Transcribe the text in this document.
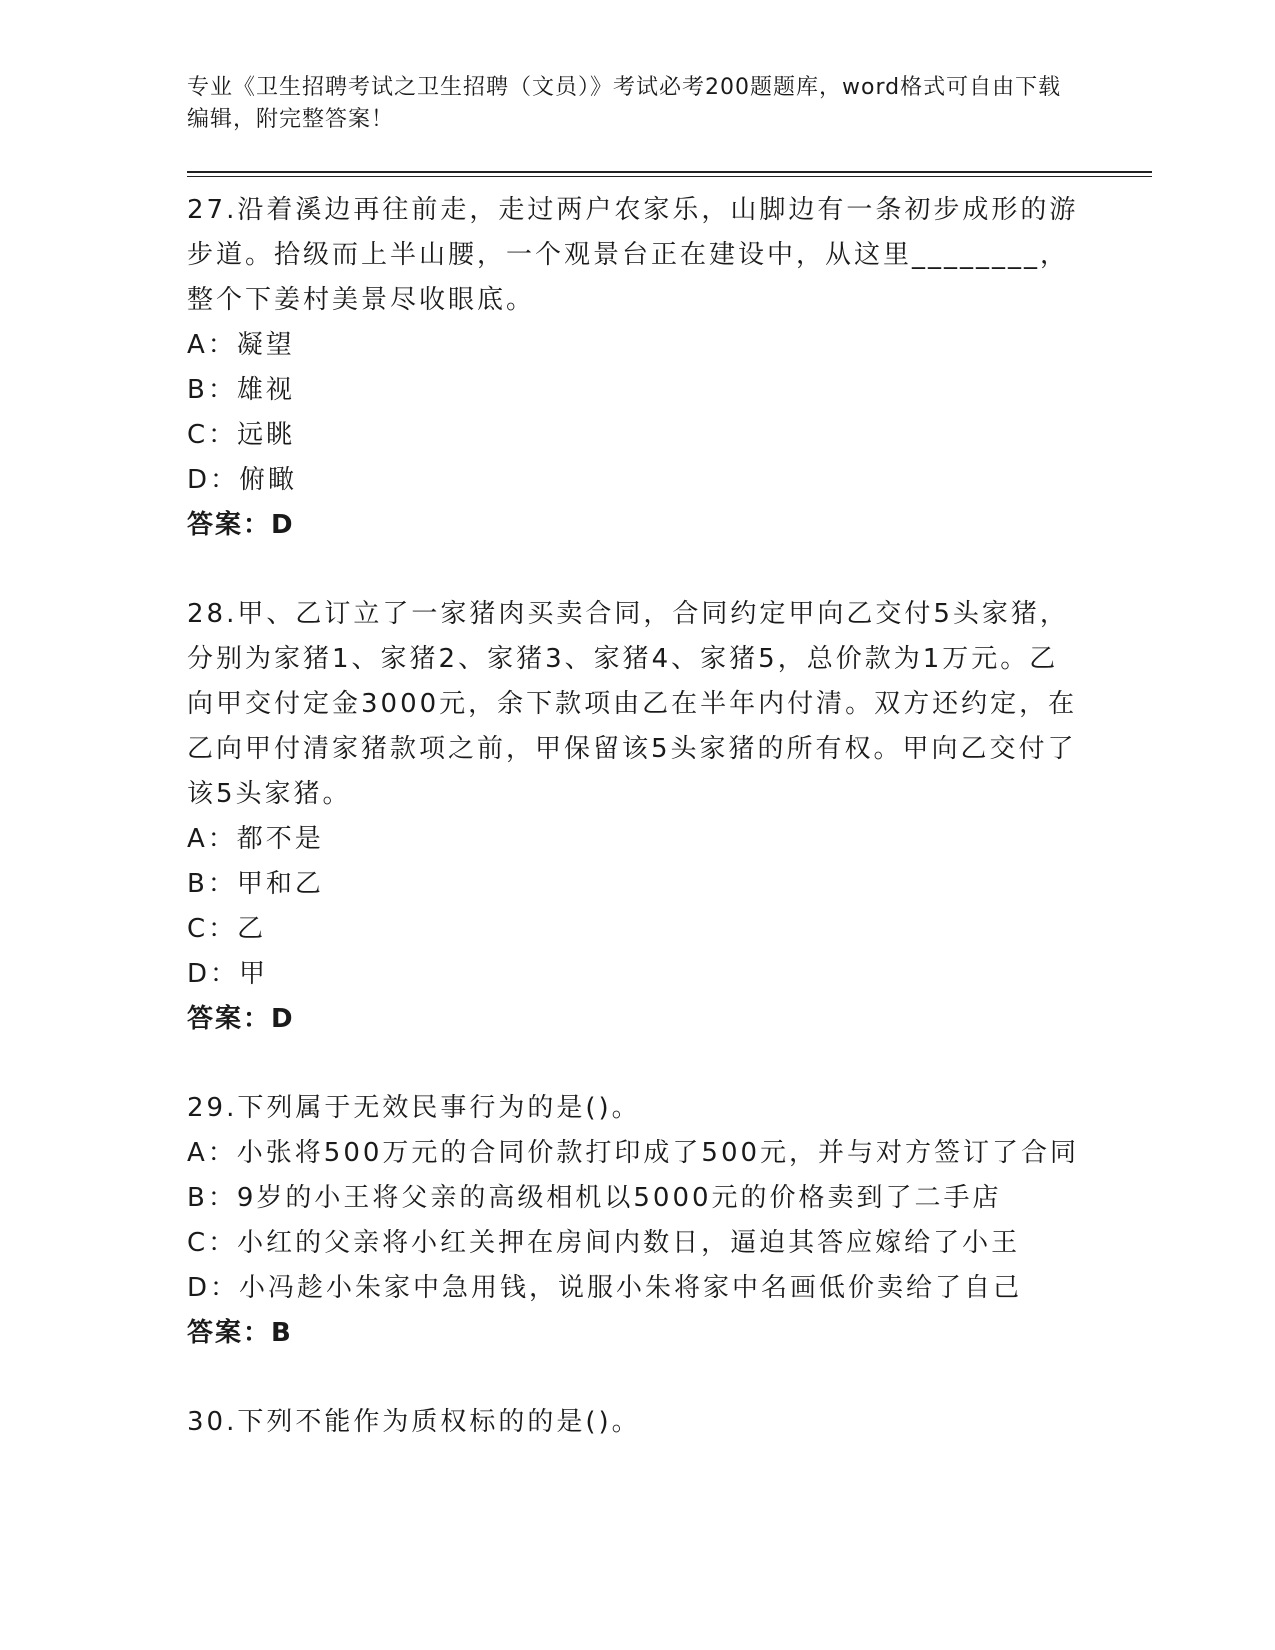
专业《卫生招聘考试之卫生招聘（文员）》考试必考200题题库，word格式可自由下载编辑，附完整答案！
27.沿着溪边再往前走，走过两户农家乐，山脚边有一条初步成形的游步道。拾级而上半山腰，一个观景台正在建设中，从这里________，整个下姜村美景尽收眼底。
A：凝望
B：雄视
C：远眺
D：俯瞰
答案：D
28.甲、乙订立了一家猪肉买卖合同，合同约定甲向乙交付5头家猪，分别为家猪1、家猪2、家猪3、家猪4、家猪5，总价款为1万元。乙向甲交付定金3000元，余下款项由乙在半年内付清。双方还约定，在乙向甲付清家猪款项之前，甲保留该5头家猪的所有权。甲向乙交付了该5头家猪。
A：都不是
B：甲和乙
C：乙
D：甲
答案：D
29.下列属于无效民事行为的是()。
A：小张将500万元的合同价款打印成了500元，并与对方签订了合同
B：9岁的小王将父亲的高级相机以5000元的价格卖到了二手店
C：小红的父亲将小红关押在房间内数日，逼迫其答应嫁给了小王
D：小冯趁小朱家中急用钱，说服小朱将家中名画低价卖给了自己
答案：B
30.下列不能作为质权标的的是()。
